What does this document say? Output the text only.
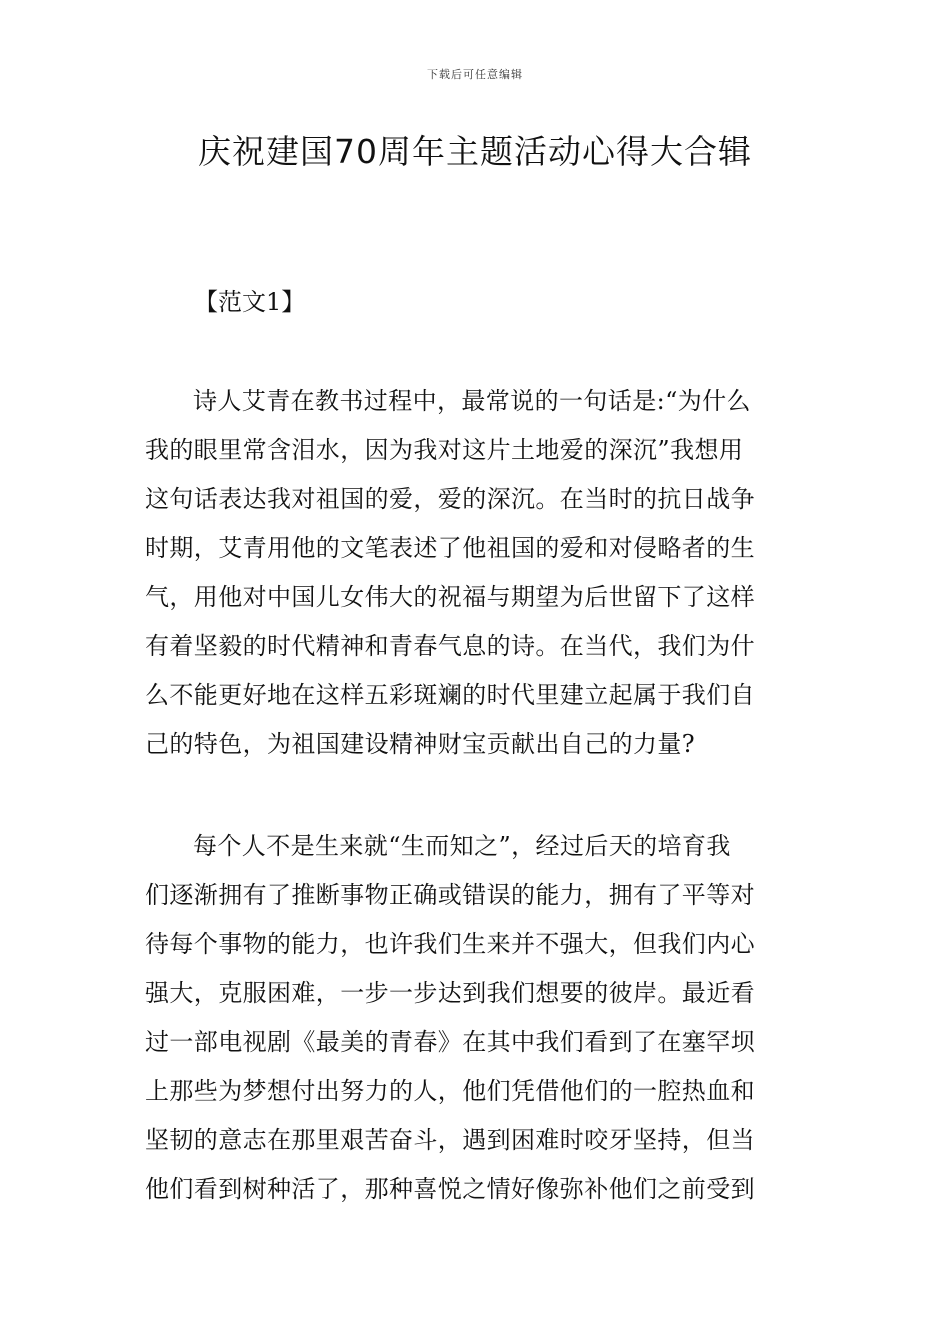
下载后可任意编辑
庆祝建国70周年主题活动心得大合辑
【范文1】
诗人艾青在教书过程中，最常说的一句话是:“为什么
我的眼里常含泪水，因为我对这片土地爱的深沉”我想用
这句话表达我对祖国的爱，爱的深沉。在当时的抗日战争
时期，艾青用他的文笔表述了他祖国的爱和对侵略者的生
气，用他对中国儿女伟大的祝福与期望为后世留下了这样
有着坚毅的时代精神和青春气息的诗。在当代，我们为什
么不能更好地在这样五彩斑斓的时代里建立起属于我们自
己的特色，为祖国建设精神财宝贡献出自己的力量?
每个人不是生来就“生而知之”，经过后天的培育我
们逐渐拥有了推断事物正确或错误的能力，拥有了平等对
待每个事物的能力，也许我们生来并不强大，但我们内心
强大，克服困难，一步一步达到我们想要的彼岸。最近看
过一部电视剧《最美的青春》在其中我们看到了在塞罕坝
上那些为梦想付出努力的人，他们凭借他们的一腔热血和
坚韧的意志在那里艰苦奋斗，遇到困难时咬牙坚持，但当
他们看到树种活了，那种喜悦之情好像弥补他们之前受到
